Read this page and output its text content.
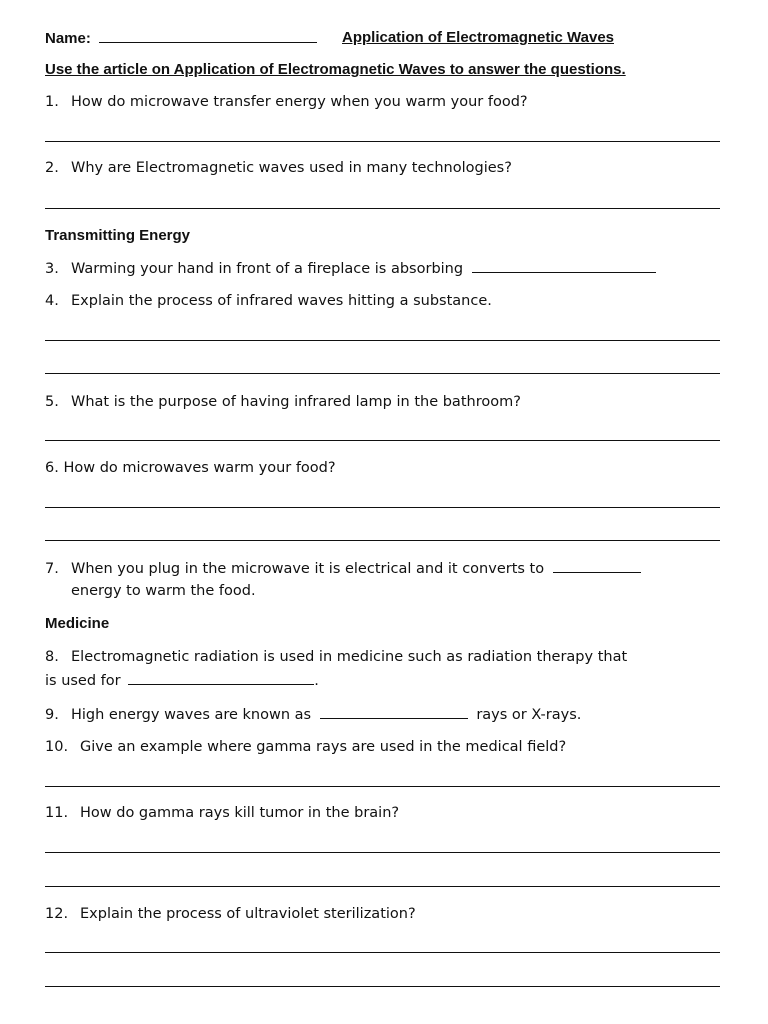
Name:	Application of Electromagnetic Waves
Use the article on Application of Electromagnetic Waves to answer the questions.
1. How do microwave transfer energy when you warm your food?
2. Why are Electromagnetic waves used in many technologies?
Transmitting Energy
3. Warming your hand in front of a fireplace is absorbing
4. Explain the process of infrared waves hitting a substance.
5. What is the purpose of having infrared lamp in the bathroom?
6. How do microwaves warm your food?
7. When you plug in the microwave it is electrical and it converts to
energy to warm the food.
Medicine
8. Electromagnetic radiation is used in medicine such as radiation therapy that
is used for	.
9. High energy waves are known as	rays or X-rays.
10. Give an example where gamma rays are used in the medical field?
11. How do gamma rays kill tumor in the brain?
12. Explain the process of ultraviolet sterilization?
